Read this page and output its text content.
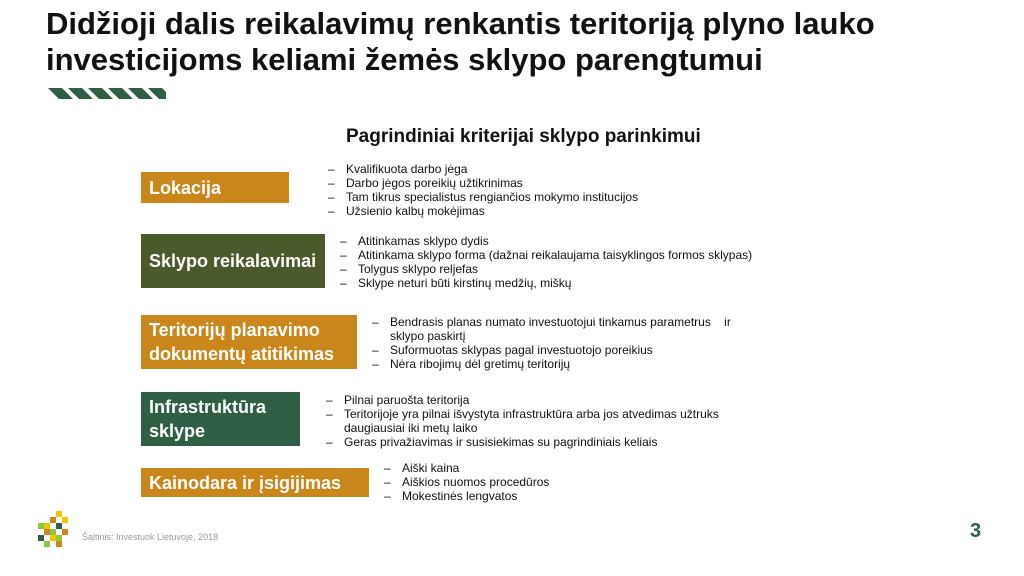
Didžioji dalis reikalavimų renkantis teritoriją plyno lauko investicijoms keliami žemės sklypo parengtumui
Pagrindiniai kriterijai sklypo parinkimui
Lokacija
– Kvalifikuota darbo jėga
– Darbo jėgos poreikių užtikrinimas
– Tam tikrus specialistus rengiančios mokymo institucijos
– Užsienio kalbų mokėjimas
Sklypo reikalavimai
– Atitinkamas sklypo dydis
– Atitinkama sklypo forma (dažnai reikalaujama taisyklingos formos sklypas)
– Tolygus sklypo reljefas
– Sklype neturi būti kirstinų medžių, miškų
Teritorijų planavimo dokumentų atitikimas
– Bendrasis planas numato investuotojui tinkamus parametrus    ir sklypo paskirtį
– Suformuotas sklypas pagal investuotojo poreikius
– Nėra ribojimų dėl gretimų teritorijų
Infrastruktūra sklype
– Pilnai paruošta teritorija
– Teritorijoje yra pilnai išvystyta infrastruktūra arba jos atvedimas užtruks daugiausiai iki metų laiko
– Geras privažiavimas ir susisiekimas su pagrindiniais keliais
Kainodara ir įsigijimas
– Aiški kaina
– Aiškios nuomos procedūros
– Mokestinės lengvatos
Šaltinis: Investuok Lietuvoje, 2018	3
